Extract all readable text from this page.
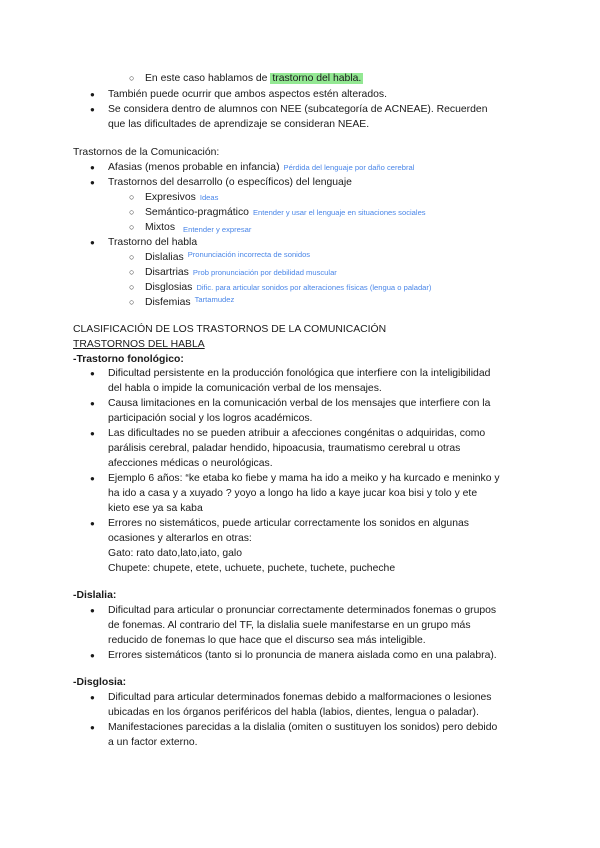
○ En este caso hablamos de trastorno del habla.
● También puede ocurrir que ambos aspectos estén alterados.
● Se considera dentro de alumnos con NEE (subcategoría de ACNEAE). Recuerden
que las dificultades de aprendizaje se consideran NEAE.
Trastornos de la Comunicación:
● Afasias (menos probable en infancia) Pérdida del lenguaje por daño cerebral
● Trastornos del desarrollo (o específicos) del lenguaje
○ Expresivos Ideas
○ Semántico-pragmático Entender y usar el lenguaje en situaciones sociales
○ Mixtos Entender y expresar
● Trastorno del habla
○ Dislalias $^{Pronunciación incorrecta de sonidos}$
○ Disartrias Prob pronunciación por debilidad muscular
○ Disglosias Dific. para articular sonidos por alteraciones físicas (lengua o paladar)
○ Disfemias $^{Tartamudez}$
CLASIFICACIÓN DE LOS TRASTORNOS DE LA COMUNICACIÓN
TRASTORNOS DEL HABLA
-Trastorno fonológico:
● Dificultad persistente en la producción fonológica que interfiere con la inteligibilidad
del habla o impide la comunicación verbal de los mensajes.
● Causa limitaciones en la comunicación verbal de los mensajes que interfiere con la
participación social y los logros académicos.
● Las dificultades no se pueden atribuir a afecciones congénitas o adquiridas, como
parálisis cerebral, paladar hendido, hipoacusia, traumatismo cerebral u otras
afecciones médicas o neurológicas.
● Ejemplo 6 años: “ke etaba ko fiebe y mama ha ido a meiko y ha kurcado e meninko y
ha ido a casa y a xuyado ? yoyo a longo ha lido a kaye jucar koa bisi y tolo y ete
kieto ese ya sa kaba
● Errores no sistemáticos, puede articular correctamente los sonidos en algunas
ocasiones y alterarlos en otras:
Gato: rato dato,lato,iato, galo
Chupete: chupete, etete, uchuete, puchete, tuchete, pucheche
-Dislalia:
● Dificultad para articular o pronunciar correctamente determinados fonemas o grupos
de fonemas. Al contrario del TF, la dislalia suele manifestarse en un grupo más
reducido de fonemas lo que hace que el discurso sea más inteligible.
● Errores sistemáticos (tanto si lo pronuncia de manera aislada como en una palabra).
-Disglosia:
● Dificultad para articular determinados fonemas debido a malformaciones o lesiones
ubicadas en los órganos periféricos del habla (labios, dientes, lengua o paladar).
● Manifestaciones parecidas a la dislalia (omiten o sustituyen los sonidos) pero debido
a un factor externo.
